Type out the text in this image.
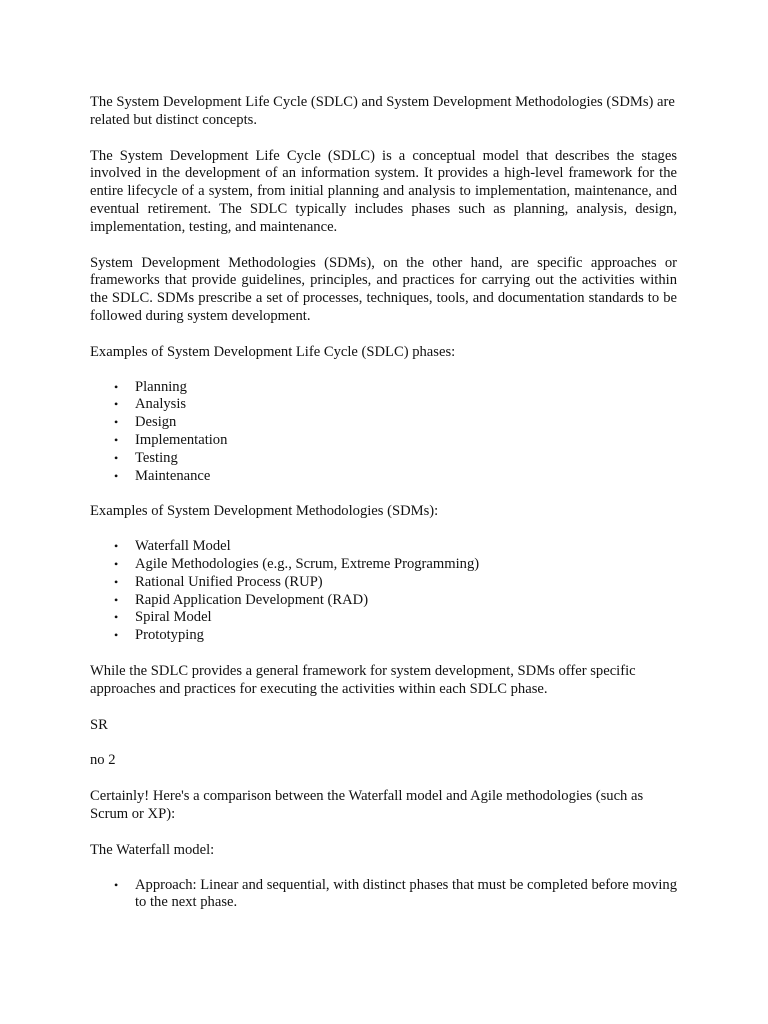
The System Development Life Cycle (SDLC) and System Development Methodologies (SDMs) are related but distinct concepts.

The System Development Life Cycle (SDLC) is a conceptual model that describes the stages involved in the development of an information system. It provides a high-level framework for the entire lifecycle of a system, from initial planning and analysis to implementation, maintenance, and eventual retirement. The SDLC typically includes phases such as planning, analysis, design, implementation, testing, and maintenance.

System Development Methodologies (SDMs), on the other hand, are specific approaches or frameworks that provide guidelines, principles, and practices for carrying out the activities within the SDLC. SDMs prescribe a set of processes, techniques, tools, and documentation standards to be followed during system development.

Examples of System Development Life Cycle (SDLC) phases:

• Planning
• Analysis
• Design
• Implementation
• Testing
• Maintenance

Examples of System Development Methodologies (SDMs):

• Waterfall Model
• Agile Methodologies (e.g., Scrum, Extreme Programming)
• Rational Unified Process (RUP)
• Rapid Application Development (RAD)
• Spiral Model
• Prototyping

While the SDLC provides a general framework for system development, SDMs offer specific approaches and practices for executing the activities within each SDLC phase.

SR

no 2

Certainly! Here's a comparison between the Waterfall model and Agile methodologies (such as Scrum or XP):

The Waterfall model:

• Approach: Linear and sequential, with distinct phases that must be completed before moving to the next phase.
